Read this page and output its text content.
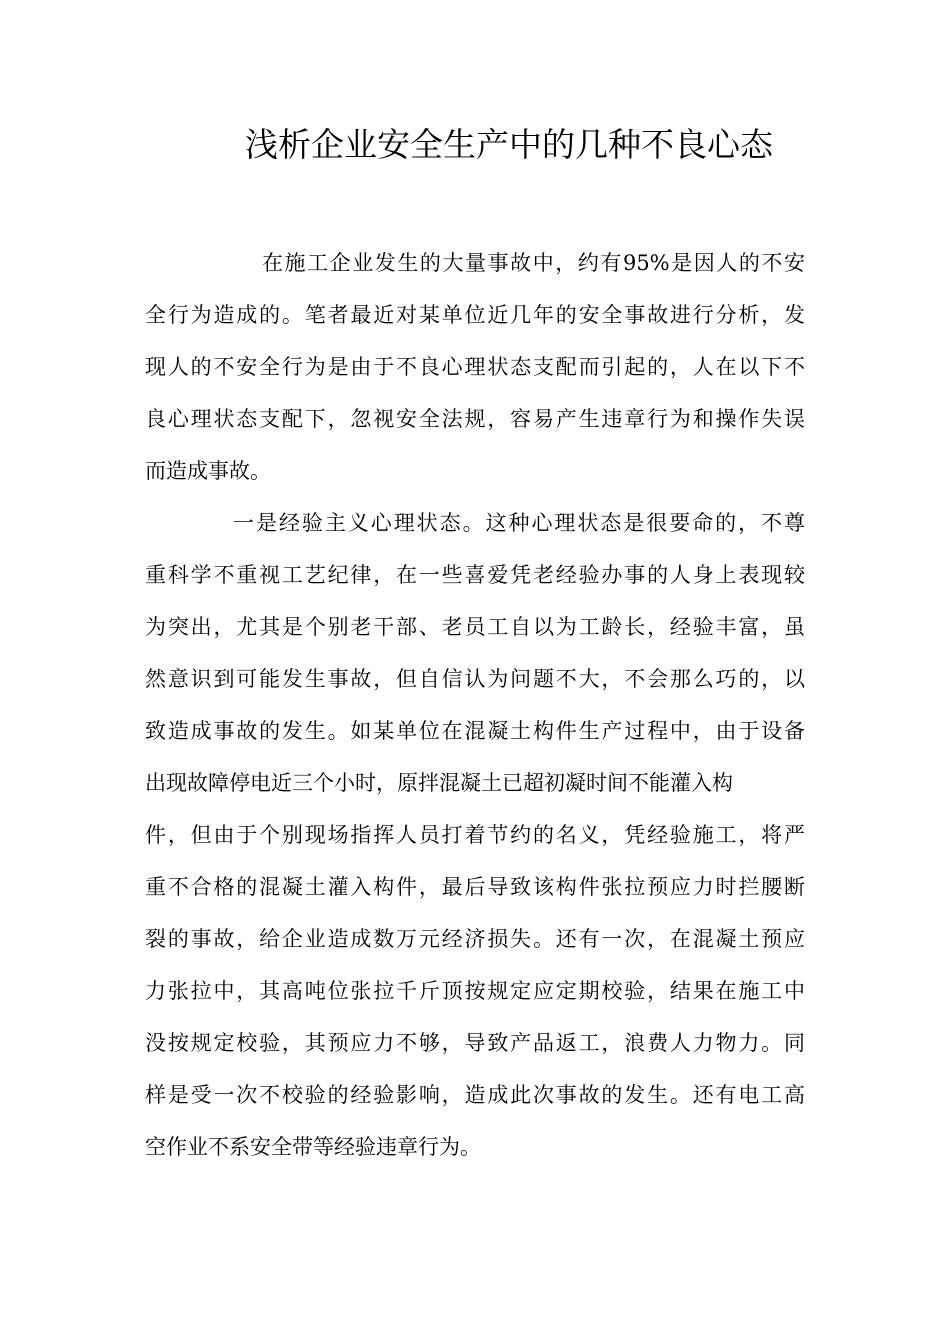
浅析企业安全生产中的几种不良心态

在施工企业发生的大量事故中，约有95%是因人的不安

全行为造成的。笔者最近对某单位近几年的安全事故进行分析，发

现人的不安全行为是由于不良心理状态支配而引起的，人在以下不

良心理状态支配下，忽视安全法规，容易产生违章行为和操作失误

而造成事故。

一是经验主义心理状态。这种心理状态是很要命的，不尊

重科学不重视工艺纪律，在一些喜爱凭老经验办事的人身上表现较

为突出，尤其是个别老干部、老员工自以为工龄长，经验丰富，虽

然意识到可能发生事故，但自信认为问题不大，不会那么巧的，以

致造成事故的发生。如某单位在混凝土构件生产过程中，由于设备

出现故障停电近三个小时，原拌混凝土已超初凝时间不能灌入构

件，但由于个别现场指挥人员打着节约的名义，凭经验施工，将严

重不合格的混凝土灌入构件，最后导致该构件张拉预应力时拦腰断

裂的事故，给企业造成数万元经济损失。还有一次，在混凝土预应

力张拉中，其高吨位张拉千斤顶按规定应定期校验，结果在施工中

没按规定校验，其预应力不够，导致产品返工，浪费人力物力。同

样是受一次不校验的经验影响，造成此次事故的发生。还有电工高

空作业不系安全带等经验违章行为。
